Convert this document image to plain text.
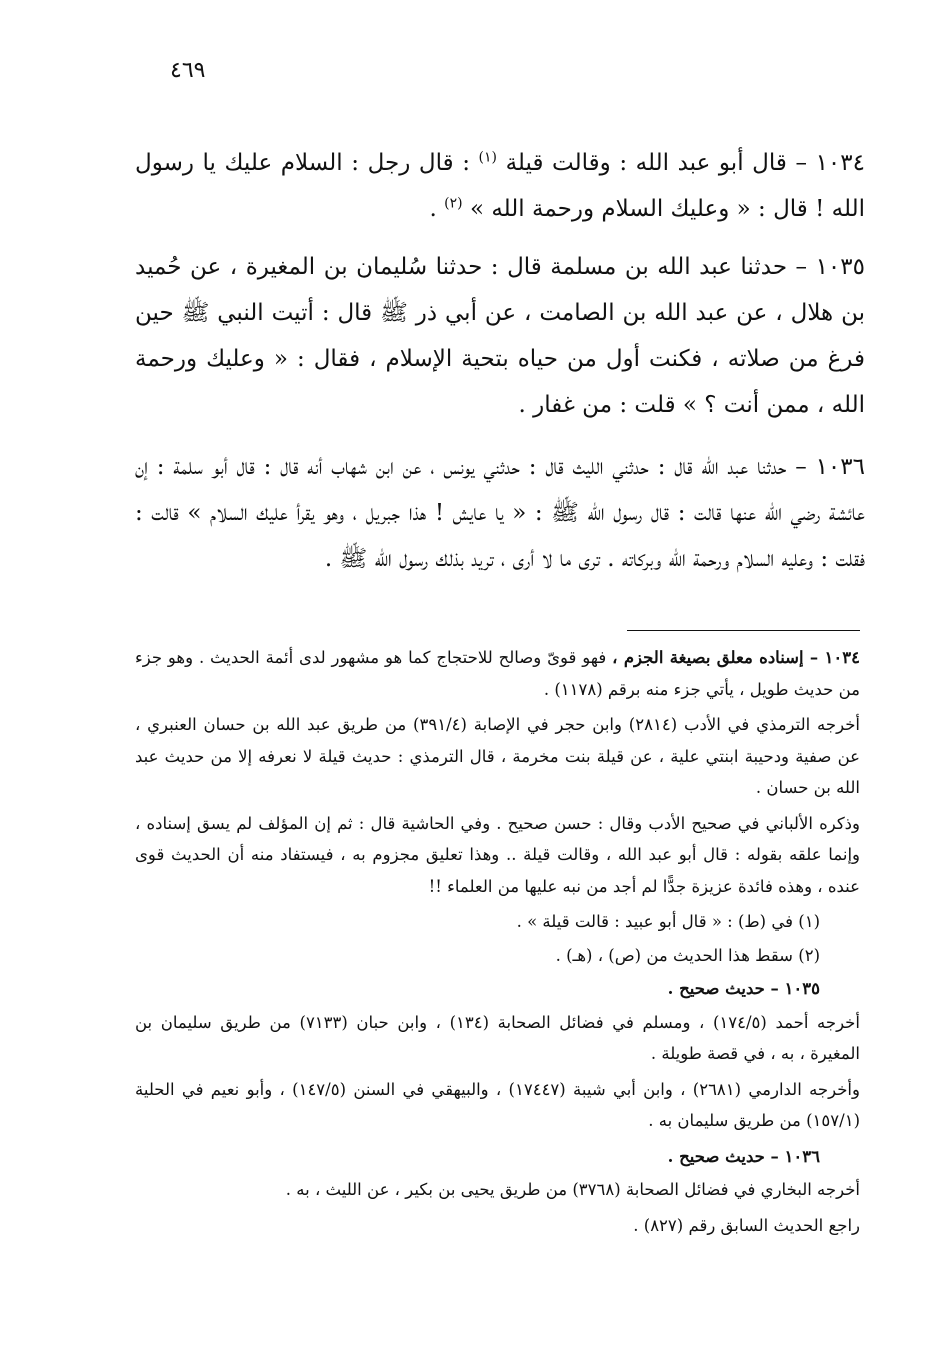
٤٦٩

١٠٣٤ – قال أبو عبد الله : وقالت قيلة $^{(١)}$ : قال رجل : السلام عليك يا رسول الله ! قال : « وعليك السلام ورحمة الله » $^{(٢)}$ .

١٠٣٥ – حدثنا عبد الله بن مسلمة قال : حدثنا سُليمان بن المغيرة ، عن حُميد بن هلال ، عن عبد الله بن الصامت ، عن أبي ذر ﷺ قال : أتيت النبي ﷺ حين فرغ من صلاته ، فكنت أول من حياه بتحية الإسلام ، فقال : « وعليك ورحمة الله ، ممن أنت ؟ » قلت : من غفار .

١٠٣٦ – حدثنا عبد الله قال : حدثني الليث قال : حدثني يونس ، عن ابن شهاب أنه قال : قال أبو سلمة : إن عائشة رضي الله عنها قالت : قال رسول الله ﷺ : « يا عايش ! هذا جبريل ، وهو يقرأ عليك السلام » قالت : فقلت : وعليه السلام ورحمة الله وبركاته . ترى ما لا أرى ، تريد بذلك رسول الله ﷺ .

١٠٣٤ – إسناده معلق بصيغة الجزم ، فهو قوىّ وصالح للاحتجاج كما هو مشهور لدى أئمة الحديث . وهو جزء من حديث طويل ، يأتي جزء منه برقم (١١٧٨) .

أخرجه الترمذي في الأدب (٢٨١٤) وابن حجر في الإصابة (٣٩١/٤) من طريق عبد الله بن حسان العنبري ، عن صفية ودحيبة ابنتي علية ، عن قيلة بنت مخرمة ، قال الترمذي : حديث قيلة لا نعرفه إلا من حديث عبد الله بن حسان .

وذكره الألباني في صحيح الأدب وقال : حسن صحيح . وفي الحاشية قال : ثم إن المؤلف لم يسق إسناده ، وإنما علقه بقوله : قال أبو عبد الله ، وقالت قيلة .. وهذا تعليق مجزوم به ، فيستفاد منه أن الحديث قوى عنده ، وهذه فائدة عزيزة جدًّا لم أجد من نبه عليها من العلماء !!

(١) في (ط) : « قال أبو عبيد : قالت قيلة » .

(٢) سقط هذا الحديث من (ص) ، (هـ) .

١٠٣٥ – حديث صحيح .

أخرجه أحمد (١٧٤/٥) ، ومسلم في فضائل الصحابة (١٣٤) ، وابن حبان (٧١٣٣) من طريق سليمان بن المغيرة ، به ، في قصة طويلة .

وأخرجه الدارمي (٢٦٨١) ، وابن أبي شيبة (١٧٤٤٧) ، والبيهقي في السنن (١٤٧/٥) ، وأبو نعيم في الحلية (١٥٧/١) من طريق سليمان به .

١٠٣٦ – حديث صحيح .

أخرجه البخاري في فضائل الصحابة (٣٧٦٨) من طريق يحيى بن بكير ، عن الليث ، به .

راجع الحديث السابق رقم (٨٢٧) .
